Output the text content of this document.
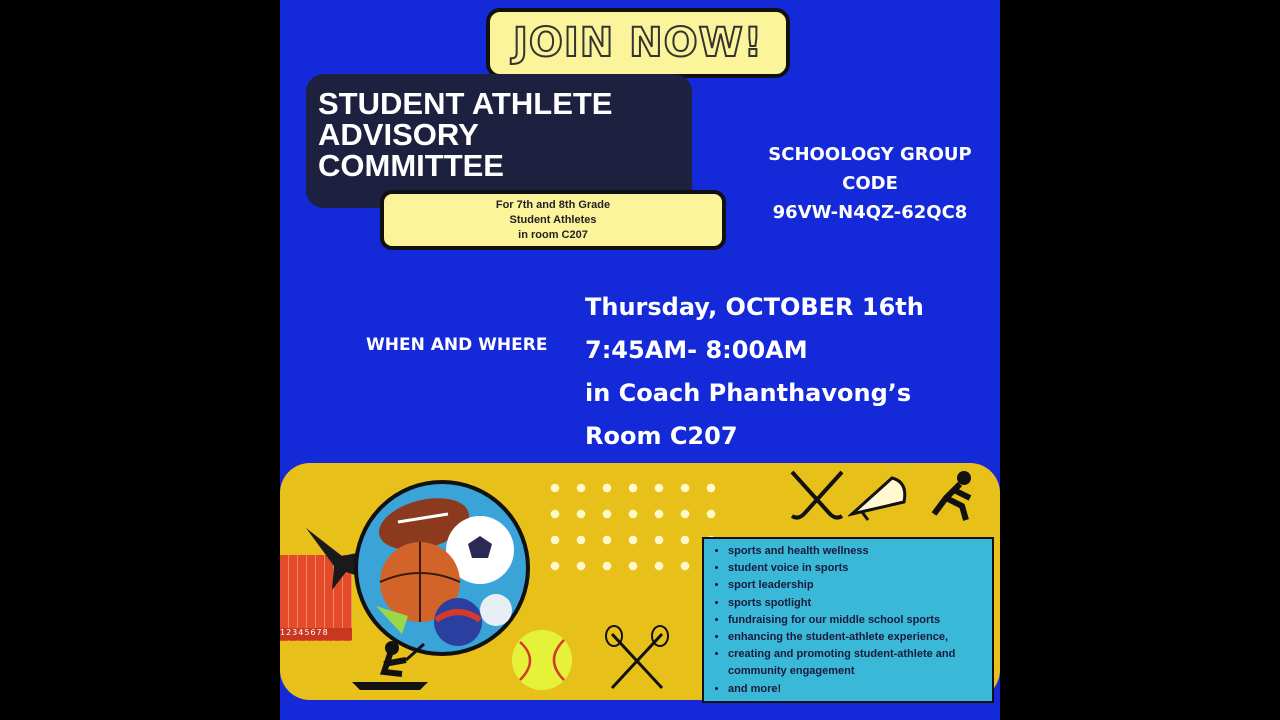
JOIN NOW!
STUDENT ATHLETE
ADVISORY
COMMITTEE
For 7th and 8th Grade
Student Athletes
in room C207
SCHOOLOGY GROUP
CODE
96VW-N4QZ-62QC8
WHEN AND WHERE
Thursday, OCTOBER 16th
7:45AM- 8:00AM
in Coach Phanthavong’s
Room C207
12345678
• sports and health wellness
• student voice in sports
• sport leadership
• sports spotlight
• fundraising for our middle school sports
• enhancing the student-athlete experience,
• creating and promoting student-athlete and community engagement
• and more!
